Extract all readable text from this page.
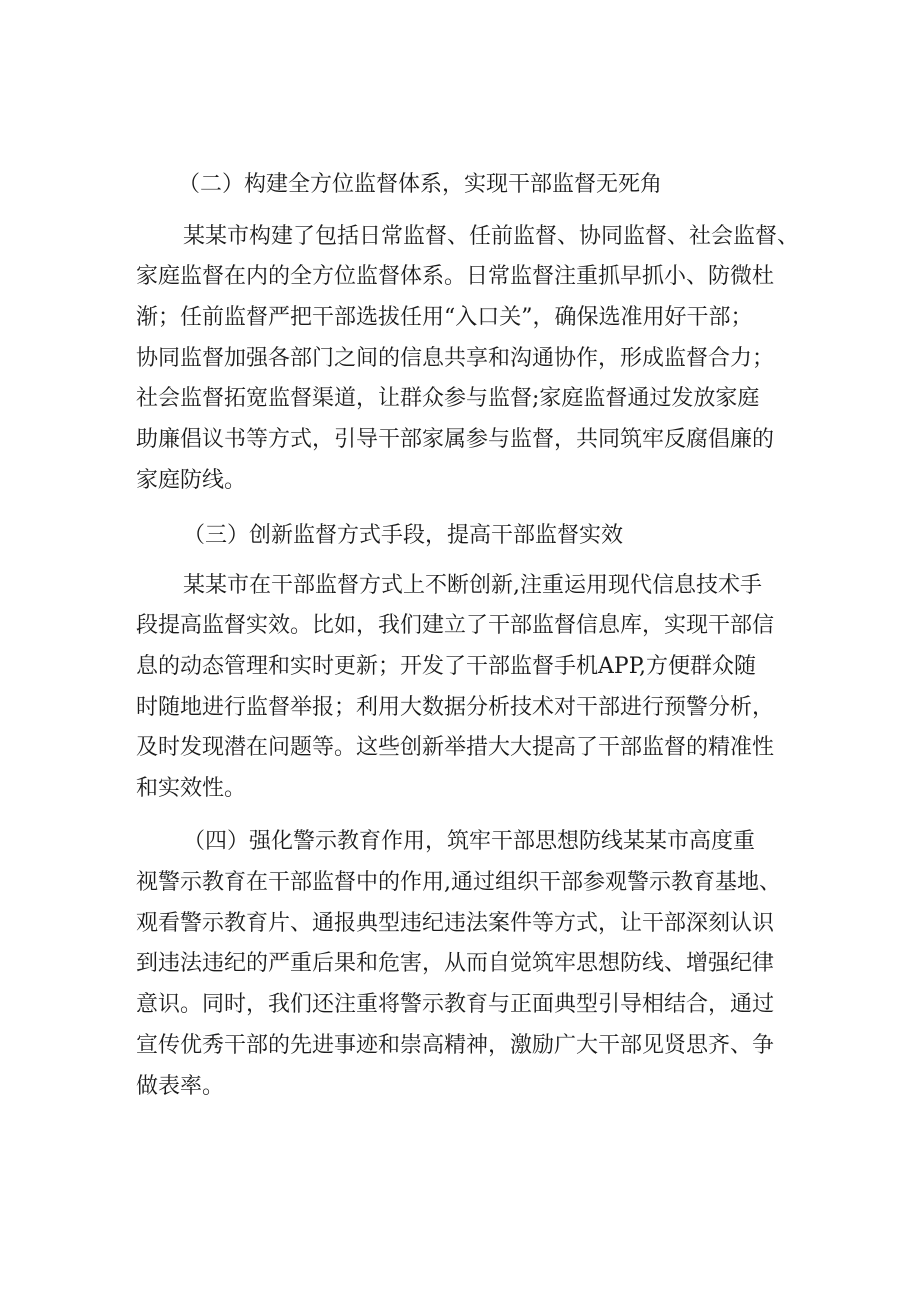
（二）构建全方位监督体系，实现干部监督无死角

某某市构建了包括日常监督、任前监督、协同监督、社会监督、

家庭监督在内的全方位监督体系。日常监督注重抓早抓小、防微杜

渐；任前监督严把干部选拔任用“入口关”，确保选准用好干部；

协同监督加强各部门之间的信息共享和沟通协作，形成监督合力；

社会监督拓宽监督渠道，让群众参与监督;家庭监督通过发放家庭

助廉倡议书等方式，引导干部家属参与监督，共同筑牢反腐倡廉的

家庭防线。

（三）创新监督方式手段，提高干部监督实效

某某市在干部监督方式上不断创新,注重运用现代信息技术手

段提高监督实效。比如，我们建立了干部监督信息库，实现干部信

息的动态管理和实时更新；开发了干部监督手机APP,方便群众随

时随地进行监督举报；利用大数据分析技术对干部进行预警分析，

及时发现潜在问题等。这些创新举措大大提高了干部监督的精准性

和实效性。

（四）强化警示教育作用，筑牢干部思想防线某某市高度重

视警示教育在干部监督中的作用,通过组织干部参观警示教育基地、

观看警示教育片、通报典型违纪违法案件等方式，让干部深刻认识

到违法违纪的严重后果和危害，从而自觉筑牢思想防线、增强纪律

意识。同时，我们还注重将警示教育与正面典型引导相结合，通过

宣传优秀干部的先进事迹和崇高精神，激励广大干部见贤思齐、争

做表率。
